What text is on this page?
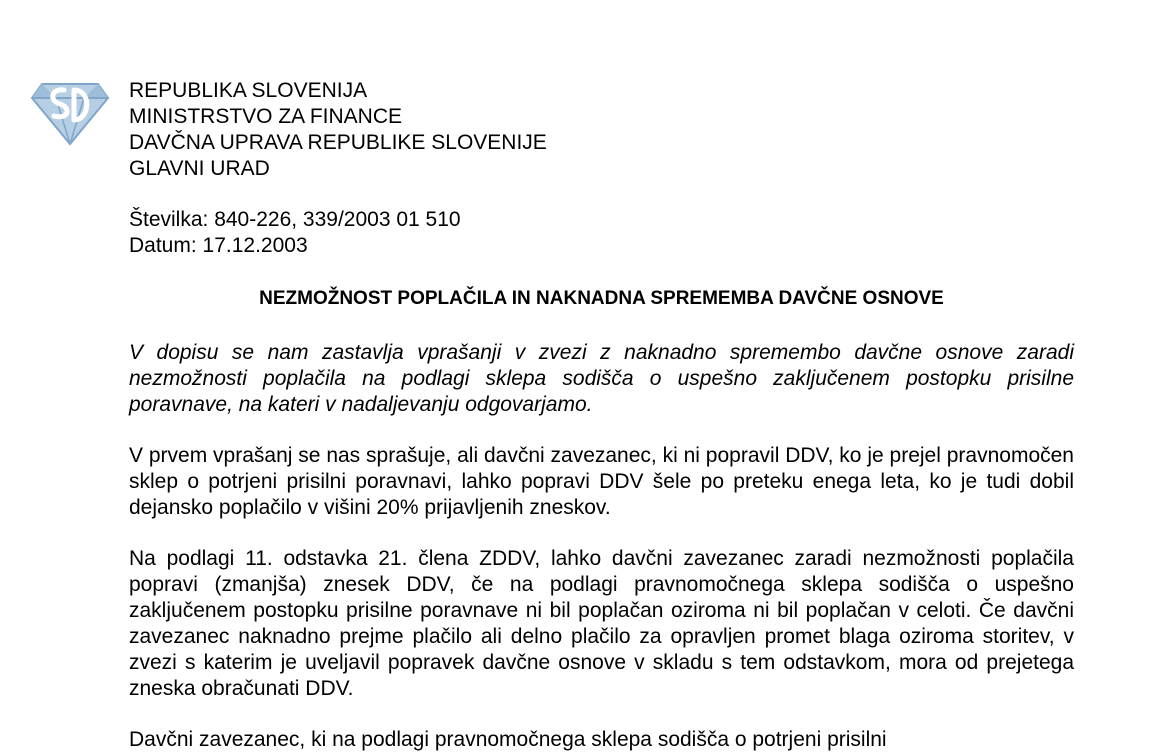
REPUBLIKA SLOVENIJA
MINISTRSTVO ZA FINANCE
DAVČNA UPRAVA REPUBLIKE SLOVENIJE
GLAVNI URAD
Številka: 840-226, 339/2003 01 510
Datum: 17.12.2003
NEZMOŽNOST POPLAČILA IN NAKNADNA SPREMEMBA DAVČNE OSNOVE

V dopisu se nam zastavlja vprašanji v zvezi z naknadno spremembo davčne osnove zaradi nezmožnosti poplačila na podlagi sklepa sodišča o uspešno zaključenem postopku prisilne poravnave, na kateri v nadaljevanju odgovarjamo.

V prvem vprašanj se nas sprašuje, ali davčni zavezanec, ki ni popravil DDV, ko je prejel pravnomočen sklep o potrjeni prisilni poravnavi, lahko popravi DDV šele po preteku enega leta, ko je tudi dobil dejansko poplačilo v višini 20% prijavljenih zneskov.

Na podlagi 11. odstavka 21. člena ZDDV, lahko davčni zavezanec zaradi nezmožnosti poplačila popravi (zmanjša) znesek DDV, če na podlagi pravnomočnega sklepa sodišča o uspešno zaključenem postopku prisilne poravnave ni bil poplačan oziroma ni bil poplačan v celoti. Če davčni zavezanec naknadno prejme plačilo ali delno plačilo za opravljen promet blaga oziroma storitev, v zvezi s katerim je uveljavil popravek davčne osnove v skladu s tem odstavkom, mora od prejetega zneska obračunati DDV.

Davčni zavezanec, ki na podlagi pravnomočnega sklepa sodišča o potrjeni prisilni
